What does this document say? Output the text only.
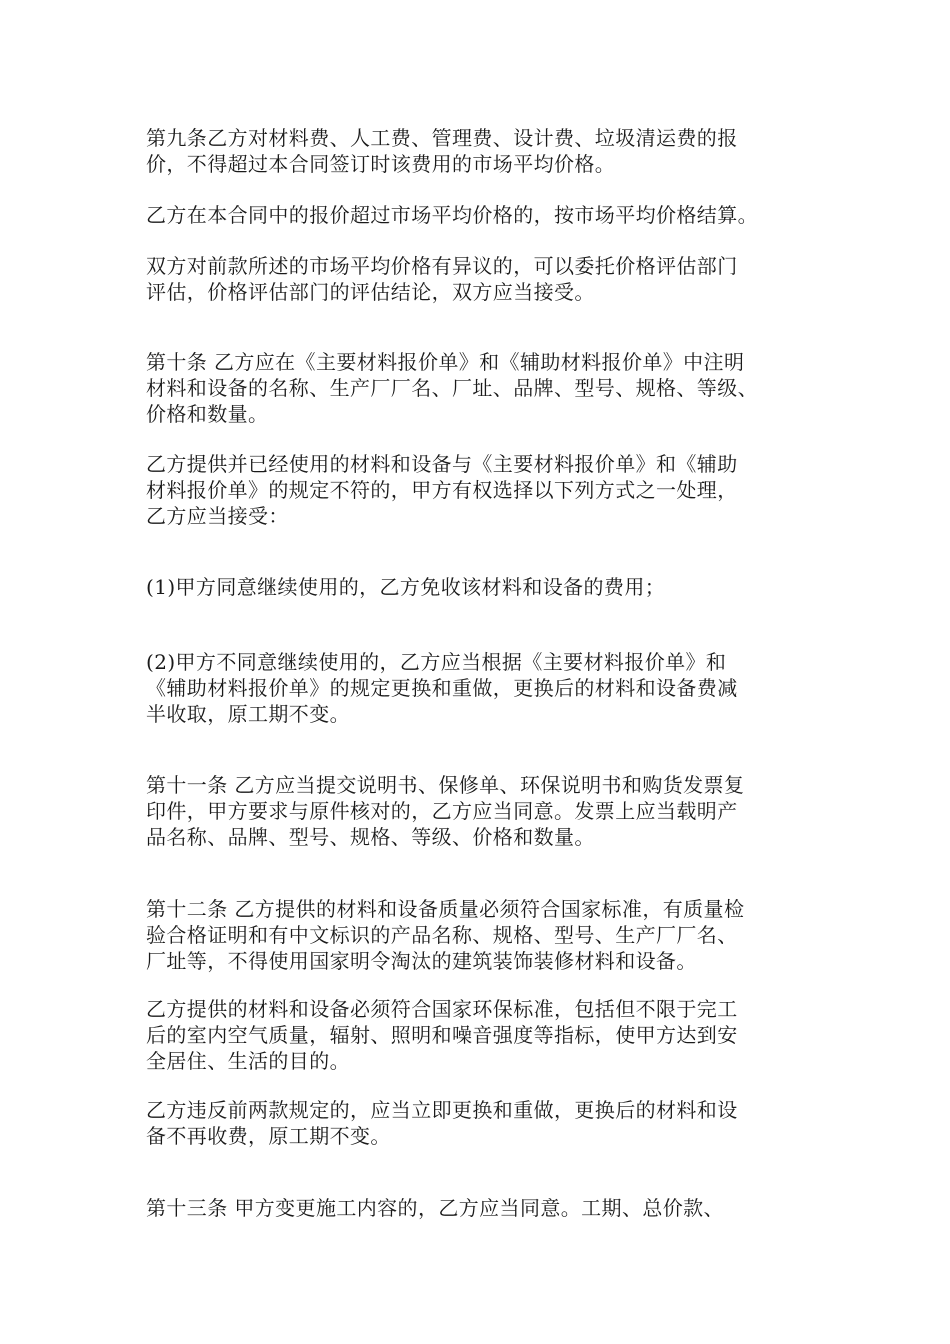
第九条乙方对材料费、人工费、管理费、设计费、垃圾清运费的报
价，不得超过本合同签订时该费用的市场平均价格。
乙方在本合同中的报价超过市场平均价格的，按市场平均价格结算。
双方对前款所述的市场平均价格有异议的，可以委托价格评估部门
评估，价格评估部门的评估结论，双方应当接受。
第十条 乙方应在《主要材料报价单》和《辅助材料报价单》中注明
材料和设备的名称、生产厂厂名、厂址、品牌、型号、规格、等级、
价格和数量。
乙方提供并已经使用的材料和设备与《主要材料报价单》和《辅助
材料报价单》的规定不符的，甲方有权选择以下列方式之一处理，
乙方应当接受：
(1)甲方同意继续使用的，乙方免收该材料和设备的费用；
(2)甲方不同意继续使用的，乙方应当根据《主要材料报价单》和
《辅助材料报价单》的规定更换和重做，更换后的材料和设备费减
半收取，原工期不变。
第十一条 乙方应当提交说明书、保修单、环保说明书和购货发票复
印件，甲方要求与原件核对的，乙方应当同意。发票上应当载明产
品名称、品牌、型号、规格、等级、价格和数量。
第十二条 乙方提供的材料和设备质量必须符合国家标准，有质量检
验合格证明和有中文标识的产品名称、规格、型号、生产厂厂名、
厂址等，不得使用国家明令淘汰的建筑装饰装修材料和设备。
乙方提供的材料和设备必须符合国家环保标准，包括但不限于完工
后的室内空气质量，辐射、照明和噪音强度等指标，使甲方达到安
全居住、生活的目的。
乙方违反前两款规定的，应当立即更换和重做，更换后的材料和设
备不再收费，原工期不变。
第十三条 甲方变更施工内容的，乙方应当同意。工期、总价款、
